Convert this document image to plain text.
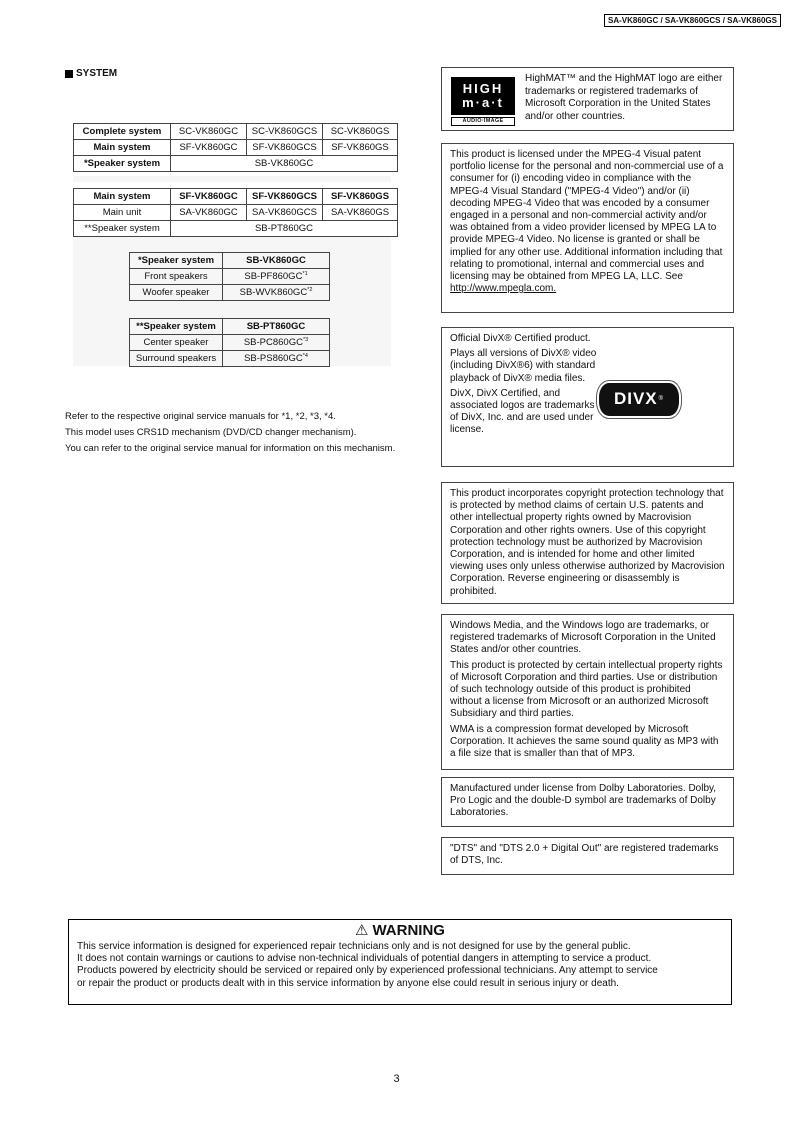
SA-VK860GC / SA-VK860GCS / SA-VK860GS
SYSTEM
Complete system	SC-VK860GC	SC-VK860GCS	SC-VK860GS
Main system	SF-VK860GC	SF-VK860GCS	SF-VK860GS
*Speaker system	SB-VK860GC		
Main system	SF-VK860GC	SF-VK860GCS	SF-VK860GS
Main unit	SA-VK860GC	SA-VK860GCS	SA-VK860GS
**Speaker system	SB-PT860GC		
*Speaker system	SB-VK860GC
Front speakers	SB-PF860GC$^{*1}$
Woofer speaker	SB-WVK860GC$^{*2}$
**Speaker system	SB-PT860GC
Center speaker	SB-PC860GC$^{*3}$
Surround speakers	SB-PS860GC$^{*4}$

Refer to the respective original service manuals for *1, *2, *3, *4.

This model uses CRS1D mechanism (DVD/CD changer mechanism).

You can refer to the original service manual for information on this mechanism.

HIGH
m·a·t
AUDIO·IMAGE
HighMAT™ and the HighMAT logo are either trademarks or registered trademarks of Microsoft Corporation in the United States and/or other countries.
This product is licensed under the MPEG-4 Visual patent portfolio license for the personal and non-commercial use of a consumer for (i) encoding video in compliance with the MPEG-4 Visual Standard ("MPEG-4 Video") and/or (ii) decoding MPEG-4 Video that was encoded by a consumer engaged in a personal and non-commercial activity and/or was obtained from a video provider licensed by MPEG LA to provide MPEG-4 Video. No license is granted or shall be implied for any other use. Additional information including that relating to promotional, internal and commercial uses and licensing may be obtained from MPEG LA, LLC. See http://www.mpegla.com.

Official DivX® Certified product.

Plays all versions of DivX® video (including DivX®6) with standard playback of DivX® media files.

DivX, DivX Certified, and associated logos are trademarks of DivX, Inc. and are used under license.

DIVX ®
This product incorporates copyright protection technology that is protected by method claims of certain U.S. patents and other intellectual property rights owned by Macrovision Corporation and other rights owners. Use of this copyright protection technology must be authorized by Macrovision Corporation, and is intended for home and other limited viewing uses only unless otherwise authorized by Macrovision Corporation. Reverse engineering or disassembly is prohibited.

Windows Media, and the Windows logo are trademarks, or registered trademarks of Microsoft Corporation in the United States and/or other countries.

This product is protected by certain intellectual property rights of Microsoft Corporation and third parties. Use or distribution of such technology outside of this product is prohibited without a license from Microsoft or an authorized Microsoft Subsidiary and third parties.

WMA is a compression format developed by Microsoft Corporation. It achieves the same sound quality as MP3 with a file size that is smaller than that of MP3.

Manufactured under license from Dolby Laboratories. Dolby, Pro Logic and the double-D symbol are trademarks of Dolby Laboratories.
"DTS" and "DTS 2.0 + Digital Out" are registered trademarks of DTS, Inc.
⚠ WARNING

This service information is designed for experienced repair technicians only and is not designed for use by the general public.

It does not contain warnings or cautions to advise non-technical individuals of potential dangers in attempting to service a product.

Products powered by electricity should be serviced or repaired only by experienced professional technicians. Any attempt to service

or repair the product or products dealt with in this service information by anyone else could result in serious injury or death.

3
